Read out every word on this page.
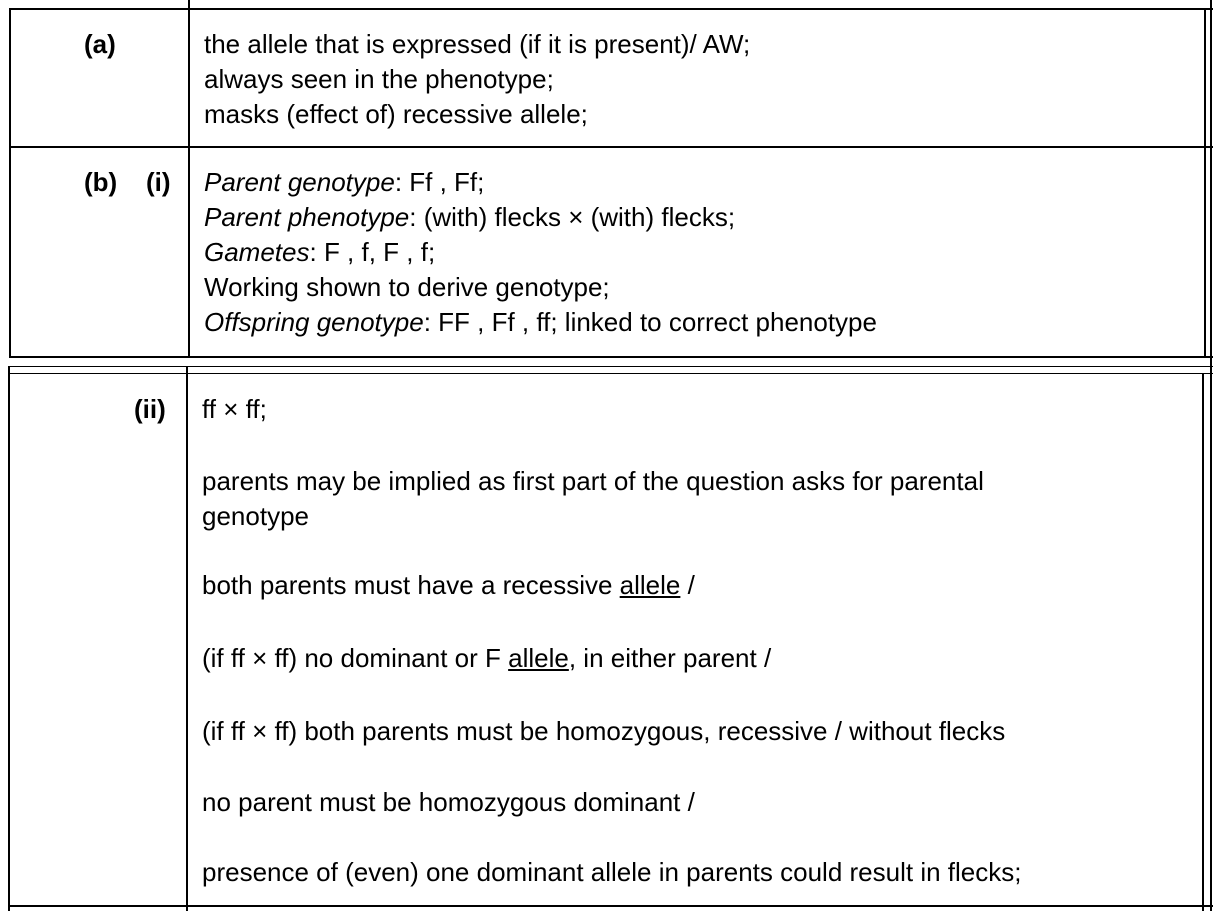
(a)	the allele that is expressed (if it is present)/ AW;
always seen in the phenotype;
masks (effect of) recessive allele;
(b) (i) Parent genotype: Ff , Ff;
Parent phenotype: (with) flecks × (with) flecks;
Gametes: F , f, F , f;
Working shown to derive genotype;
Offspring genotype: FF , Ff , ff; linked to correct phenotype
(ii) ff × ff;
parents may be implied as first part of the question asks for parental
genotype
both parents must have a recessive allele /
(if ff × ff) no dominant or F allele, in either parent /
(if ff × ff) both parents must be homozygous, recessive / without flecks
no parent must be homozygous dominant /
presence of (even) one dominant allele in parents could result in flecks;
